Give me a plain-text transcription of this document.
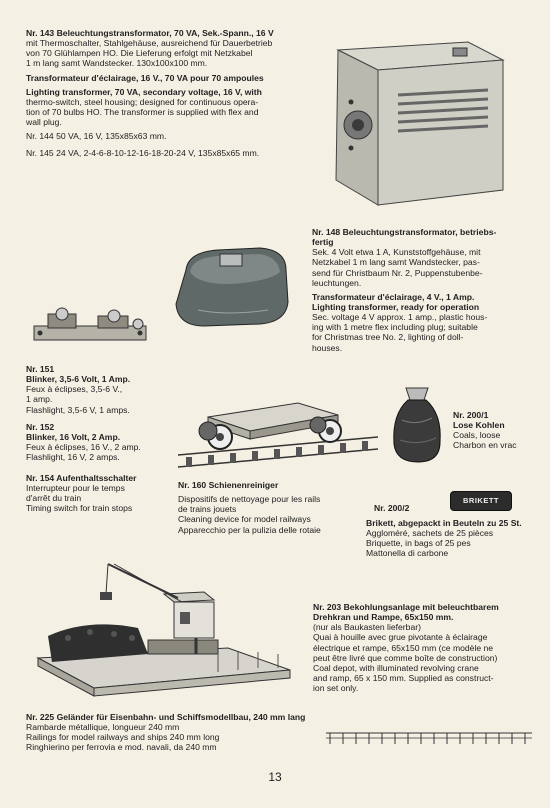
Nr. 143 Beleuchtungstransformator, 70 VA, Sek.-Spann., 16 V

mit Thermoschalter, Stahlgehäuse, ausreichend für Dauerbetrieb

von 70 Glühlampen HO. Die Lieferung erfolgt mit Netzkabel

1 m lang samt Wandstecker. 130x100x100 mm.

Transformateur d'éclairage, 16 V., 70 VA pour 70 ampoules

Lighting transformer, 70 VA, secondary voltage, 16 V, with

thermo-switch, steel housing; designed for continuous opera-

tion of 70 bulbs HO. The transformer is supplied with flex and

wall plug.

Nr. 144 50 VA, 16 V, 135x85x63 mm.

Nr. 145 24 VA, 2-4-6-8-10-12-16-18-20-24 V, 135x85x65 mm.

Nr. 148 Beleuchtungstransformator, betriebs-

fertig

Sek. 4 Volt etwa 1 A, Kunststoffgehäuse, mit

Netzkabel 1 m lang samt Wandstecker, pas-

send für Christbaum Nr. 2, Puppenstubenbe-

leuchtungen.

Transformateur d'éclairage, 4 V., 1 Amp.

Lighting transformer, ready for operation

Sec. voltage 4 V approx. 1 amp., plastic hous-

ing with 1 metre flex including plug; suitable

for Christmas tree No. 2, lighting of doll-

houses.

Nr. 151

Blinker, 3,5-6 Volt, 1 Amp.

Feux à éclipses, 3,5-6 V.,

1 amp.

Flashlight, 3,5-6 V, 1 amps.

Nr. 152

Blinker, 16 Volt, 2 Amp.

Feux à éclipses, 16 V., 2 amp.

Flashlight, 16 V, 2 amps.

Nr. 154 Aufenthaltsschalter

Interrupteur pour le temps

d'arrêt du train

Timing switch for train stops

Nr. 160 Schienenreiniger

Dispositifs de nettoyage pour les rails

de trains jouets

Cleaning device for model railways

Apparecchio per la pulizia delle rotaie

Nr. 200/1

Lose Kohlen

Coals, loose

Charbon en vrac

Nr. 200/2

BRIKETT

Brikett, abgepackt in Beuteln zu 25 St.

Aggloméré, sachets de 25 pièces

Briquette, in bags of 25 pes

Mattonella di carbone

Nr. 203 Bekohlungsanlage mit beleuchtbarem

Drehkran und Rampe, 65x150 mm.

(nur als Baukasten lieferbar)

Quai à houille avec grue pivotante à éclairage

électrique et rampe, 65x150 mm (ce modèle ne

peut être livré que comme boîte de construction)

Coal depot, with illuminated revolving crane

and ramp, 65 x 150 mm. Supplied as construct-

ion set only.

Nr. 225 Geländer für Eisenbahn- und Schiffsmodellbau, 240 mm lang

Rambarde métallique, longueur 240 mm

Railings for model railways and ships 240 mm long

Ringhierino per ferrovia e mod. navali, da 240 mm

13
